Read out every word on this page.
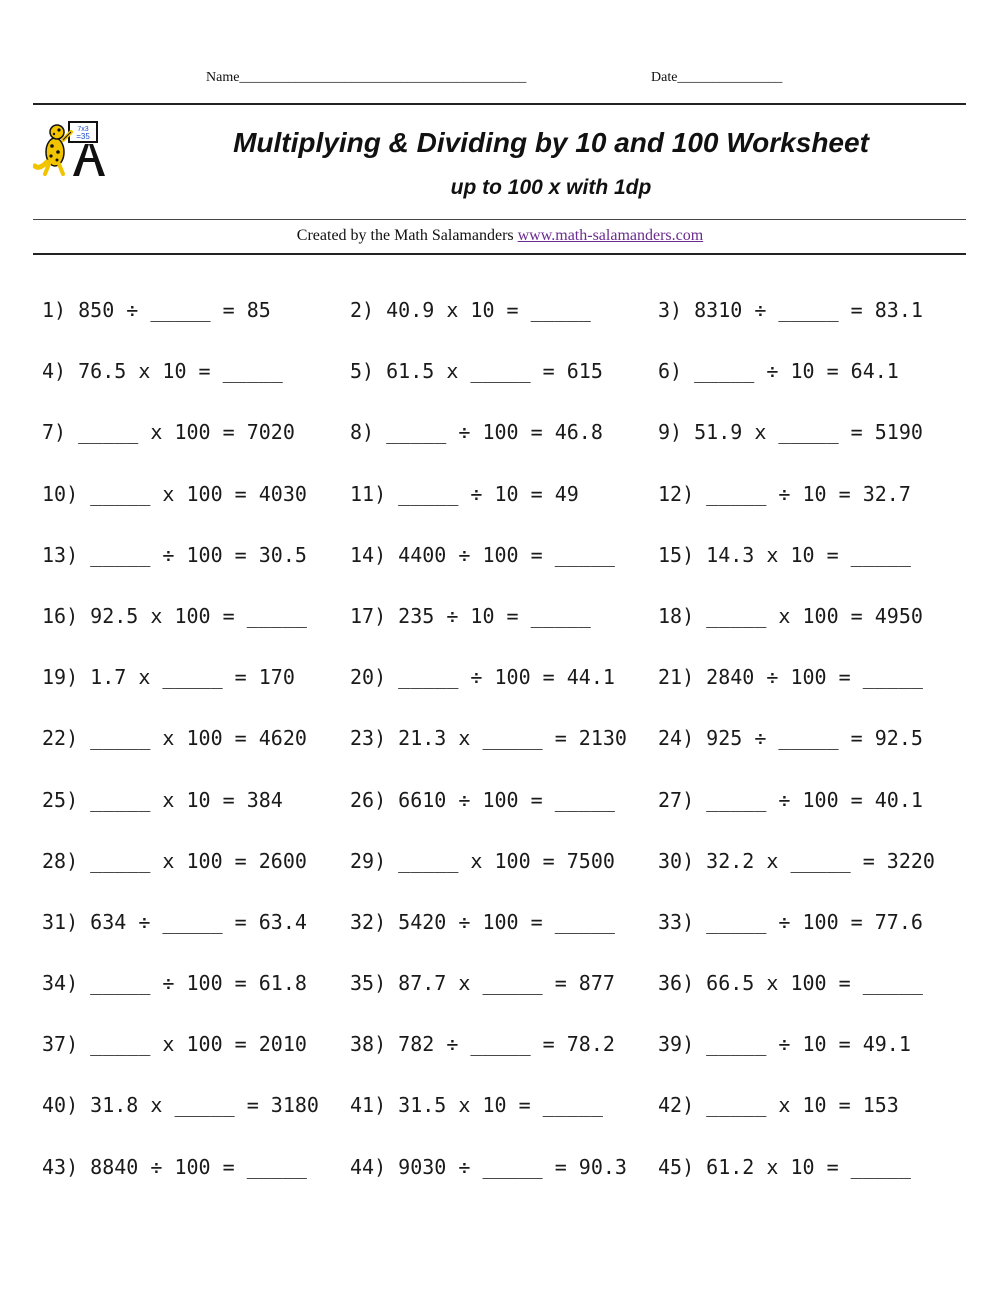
Name_________________________________________	Date_______________
7x3
=35	Multiplying & Dividing by 10 and 100 Worksheet
up to 100 x with 1dp
Created by the Math Salamanders www.math-salamanders.com
1) 850 ÷ _____ = 85	2) 40.9 x 10 = _____	3) 8310 ÷ _____ = 83.1
4) 76.5 x 10 = _____	5) 61.5 x _____ = 615	6) _____ ÷ 10 = 64.1
7) _____ x 100 = 7020	8) _____ ÷ 100 = 46.8	9) 51.9 x _____ = 5190
10) _____ x 100 = 4030	11) _____ ÷ 10 = 49	12) _____ ÷ 10 = 32.7
13) _____ ÷ 100 = 30.5	14) 4400 ÷ 100 = _____	15) 14.3 x 10 = _____
16) 92.5 x 100 = _____	17) 235 ÷ 10 = _____	18) _____ x 100 = 4950
19) 1.7 x _____ = 170	20) _____ ÷ 100 = 44.1	21) 2840 ÷ 100 = _____
22) _____ x 100 = 4620	23) 21.3 x _____ = 2130	24) 925 ÷ _____ = 92.5
25) _____ x 10 = 384	26) 6610 ÷ 100 = _____	27) _____ ÷ 100 = 40.1
28) _____ x 100 = 2600	29) _____ x 100 = 7500	30) 32.2 x _____ = 3220
31) 634 ÷ _____ = 63.4	32) 5420 ÷ 100 = _____	33) _____ ÷ 100 = 77.6
34) _____ ÷ 100 = 61.8	35) 87.7 x _____ = 877	36) 66.5 x 100 = _____
37) _____ x 100 = 2010	38) 782 ÷ _____ = 78.2	39) _____ ÷ 10 = 49.1
40) 31.8 x _____ = 3180	41) 31.5 x 10 = _____	42) _____ x 10 = 153
43) 8840 ÷ 100 = _____	44) 9030 ÷ _____ = 90.3	45) 61.2 x 10 = _____
